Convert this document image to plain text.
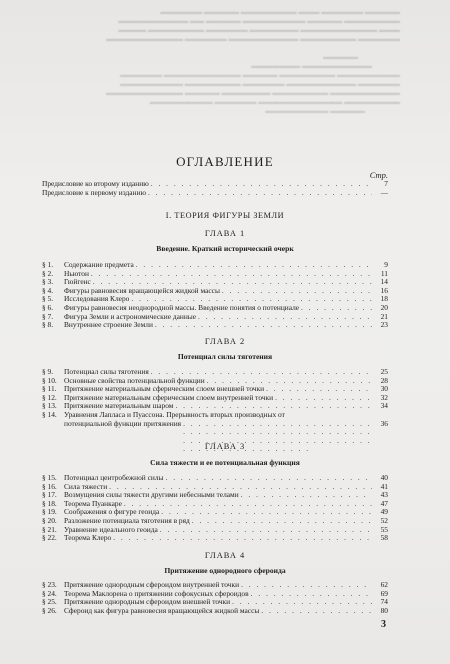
▬▬▬▬▬ ▬▬▬▬▬▬ ▬▬▬ ▬▬▬▬▬▬▬▬ ▬▬▬▬▬ ▬▬▬▬▬▬
▬▬▬▬▬▬▬▬ ▬▬▬▬▬ ▬▬▬▬▬▬▬▬▬ ▬▬▬▬▬ ▬▬ ▬▬▬▬▬▬▬▬▬▬
▬▬▬ ▬▬▬▬▬▬▬▬▬▬▬ ▬▬▬▬▬▬▬ ▬▬▬▬▬▬ ▬▬▬▬▬▬▬▬ ▬▬▬▬
▬▬▬▬▬▬ ▬▬▬▬▬▬▬▬ ▬▬▬▬▬▬▬▬▬▬ ▬▬▬▬▬▬ ▬▬▬▬▬▬▬▬▬▬▬

▬▬▬▬▬
▬▬▬▬▬▬▬▬▬▬ ▬▬▬▬▬▬▬
▬▬▬▬▬▬▬▬▬ ▬▬▬▬▬▬▬▬ ▬▬▬▬▬ ▬▬▬▬▬▬▬▬▬▬▬ ▬▬▬▬▬▬
▬▬▬▬▬▬ ▬▬▬▬▬▬▬▬▬▬ ▬▬▬▬▬▬ ▬▬▬▬▬▬▬▬ ▬▬▬▬▬▬▬▬▬
▬▬▬▬▬▬▬▬▬▬ ▬▬▬▬▬▬▬▬ ▬▬▬▬▬▬▬ ▬▬▬▬▬ ▬▬▬▬▬▬▬▬▬▬▬
▬▬▬▬▬▬▬▬ ▬▬▬▬▬▬▬▬▬▬▬▬ ▬▬▬▬▬▬ ▬▬▬▬▬▬▬▬▬
▬▬▬▬▬ ▬▬▬▬▬▬▬▬▬
ОГЛАВЛЕНИЕ
Стр.
Предисловие ко второму изданию . . .	7
Предисловие к первому изданию . . .	—
I. ТЕОРИЯ ФИГУРЫ ЗЕМЛИ
ГЛАВА 1
Введение. Краткий исторический очерк
§ 1.	Содержание предмета . . .	9
§ 2.	Ньютон . . .	11
§ 3.	Гюйгенс . . .	14
§ 4.	Фигуры равновесия вращающейся жидкой массы . . .	16
§ 5.	Исследования Клеро . . .	18
§ 6.	Фигуры равновесия неоднородной массы. Введение понятия о потенциале . . .	20
§ 7.	Фигура Земли и астрономические данные . . .	21
§ 8.	Внутреннее строение Земли . . .	23
ГЛАВА 2
Потенциал силы тяготения
§ 9.	Потенциал силы тяготения . . .	25
§ 10. Основные свойства потенциальной функции . . .	28
§ 11.	Притяжение материальным сферическим слоем внешней точки . . .	30
§ 12. Притяжение материальным сферическим слоем внутренней точки . . .	32
§ 13. Притяжение материальным шаром . . .	34
§ 14. Уравнения Лапласа и Пуассона. Прерывность вторых производных от
потенциальной функции притяжения . . .	36
ГЛАВА 3
Сила тяжести и ее потенциальная функция
§ 15. Потенциал центробежной силы . . .	40
§ 16. Сила тяжести . . .	41
§ 17. Возмущения силы тяжести другими небесными телами . . .	43
§ 18. Теорема Пуанкаре . . .	47
§ 19. Соображения о фигуре геоида . . .	49
§ 20. Разложение потенциала тяготения в ряд . . .	52
§ 21. Уравнение идеального геоида . . .	55
§ 22. Теорема Клеро . . .	58
ГЛАВА 4
Притяжение однородного сфероида
§ 23. Притяжение однородным сфероидом внутренней точки . . .	62
§ 24. Теорема Маклорена о притяжении софокусных сфероидов . . .	69
§ 25. Притяжение однородным сфероидом внешней точки . . .	74
§ 26. Сфероид как фигура равновесия вращающейся жидкой массы . . .	80
3
